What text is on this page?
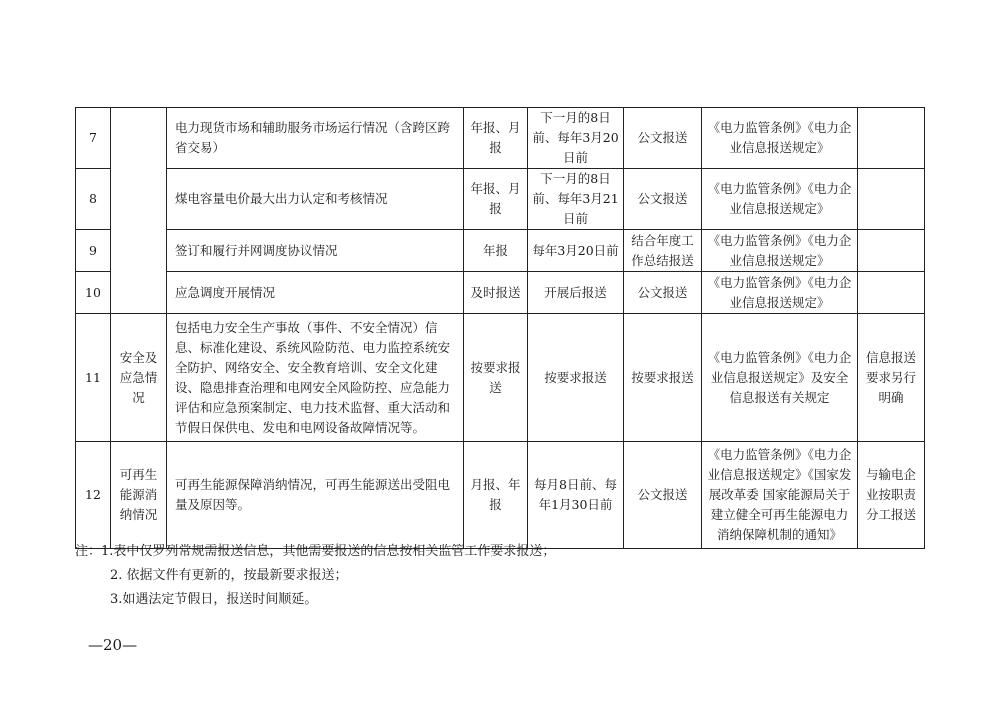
7		电力现货市场和辅助服务市场运行情况（含跨区跨省交易）	年报、月报	下一月的8日前、每年3月20日前	公文报送	《电力监管条例》《电力企业信息报送规定》	
8		煤电容量电价最大出力认定和考核情况	年报、月报	下一月的8日前、每年3月21日前	公文报送	《电力监管条例》《电力企业信息报送规定》	
9		签订和履行并网调度协议情况	年报	每年3月20日前	结合年度工作总结报送	《电力监管条例》《电力企业信息报送规定》	
10		应急调度开展情况	及时报送	开展后报送	公文报送	《电力监管条例》《电力企业信息报送规定》	
11	安全及应急情况	包括电力安全生产事故（事件、不安全情况）信息、标准化建设、系统风险防范、电力监控系统安全防护、网络安全、安全教育培训、安全文化建设、隐患排查治理和电网安全风险防控、应急能力评估和应急预案制定、电力技术监督、重大活动和节假日保供电、发电和电网设备故障情况等。	按要求报送	按要求报送	按要求报送	《电力监管条例》《电力企业信息报送规定》及安全信息报送有关规定	信息报送要求另行明确
12	可再生能源消纳情况	可再生能源保障消纳情况，可再生能源送出受阻电量及原因等。	月报、年报	每月8日前、每年1月30日前	公文报送	《电力监管条例》《电力企业信息报送规定》《国家发展改革委 国家能源局关于建立健全可再生能源电力消纳保障机制的通知》	与输电企业按职责分工报送
注：1.表中仅罗列常规需报送信息，其他需要报送的信息按相关监管工作要求报送；
2. 依据文件有更新的，按最新要求报送；
3.如遇法定节假日，报送时间顺延。
—20—
